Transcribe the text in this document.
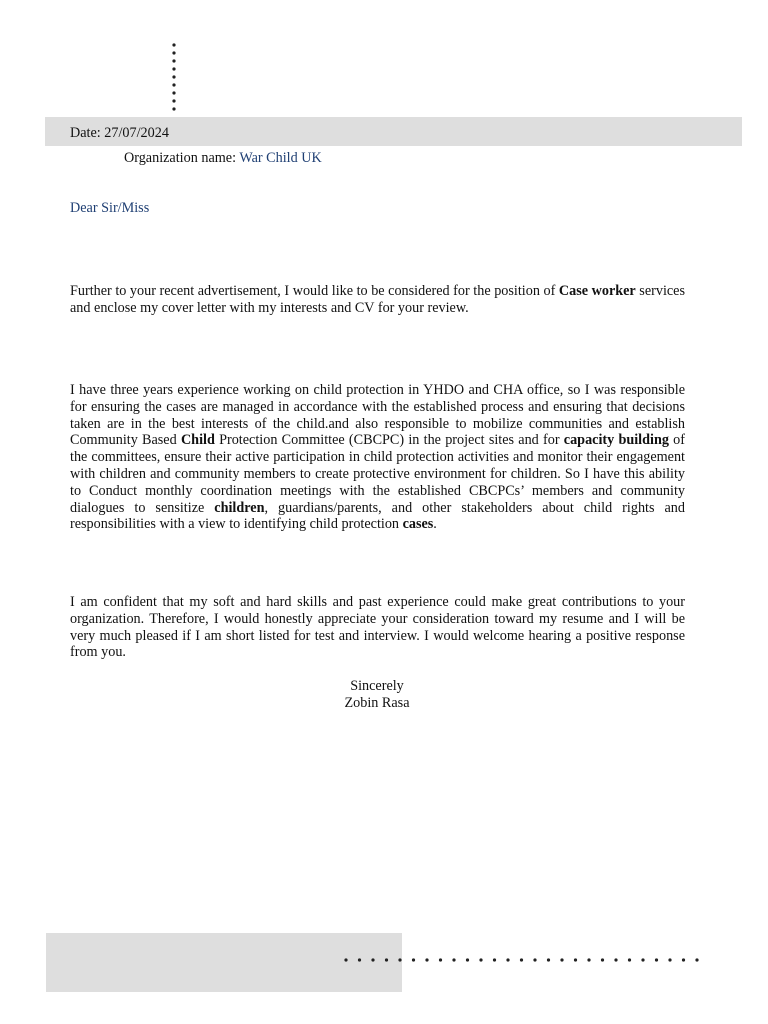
Date: 27/07/2024
Organization name: War Child UK
Dear Sir/Miss
Further to your recent advertisement, I would like to be considered for the position of Case worker services and enclose my cover letter with my interests and CV for your review.
I have three years experience working on child protection in YHDO and CHA office, so I was responsible for ensuring the cases are managed in accordance with the established process and ensuring that decisions taken are in the best interests of the child.and also responsible to mobilize communities and establish Community Based Child Protection Committee (CBCPC) in the project sites and for capacity building of the committees, ensure their active participation in child protection activities and monitor their engagement with children and community members to create protective environment for children. So I have this ability to Conduct monthly coordination meetings with the established CBCPCs’ members and community dialogues to sensitize children, guardians/parents, and other stakeholders about child rights and responsibilities with a view to identifying child protection cases.
I am confident that my soft and hard skills and past experience could make great contributions to your organization. Therefore, I would honestly appreciate your consideration toward my resume and I will be very much pleased if I am short listed for test and interview. I would welcome hearing a positive response from you.
Sincerely
Zobin Rasa
